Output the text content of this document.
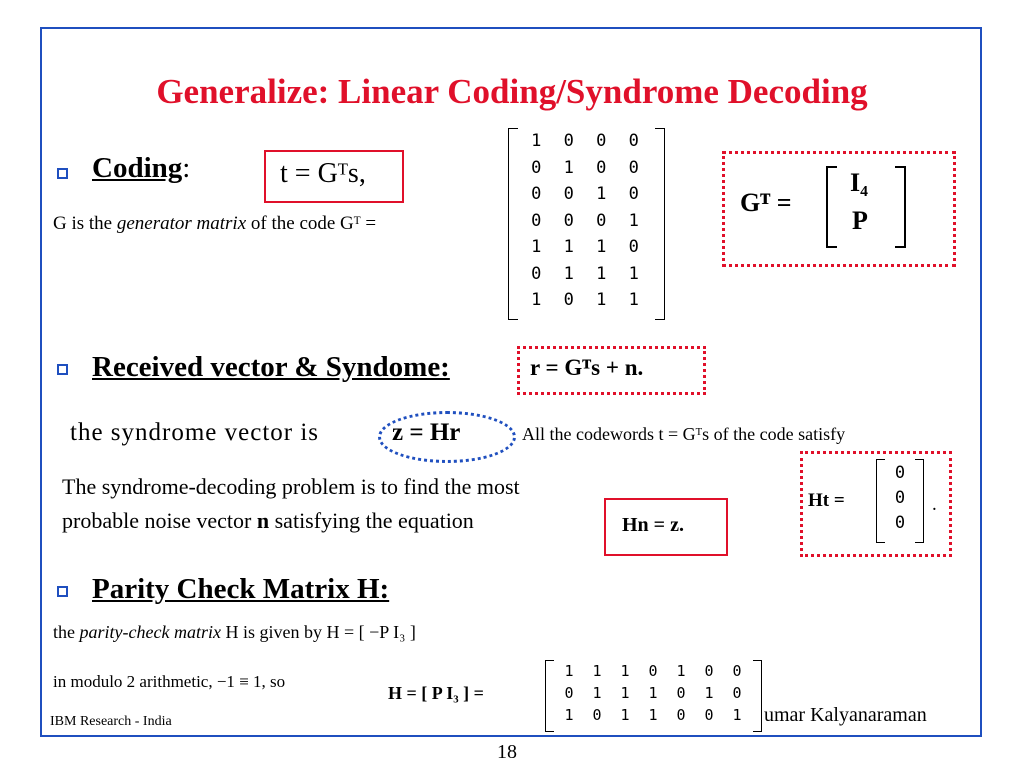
Generalize: Linear Coding/Syndrome Decoding
Coding:	t = Gᵀs,
G is the generator matrix of the code Gᵀ =
1	0	0	0
0	1	0	0
0	0	1	0
0	0	0	1
1	1	1	0
0	1	1	1
1	0	1	1
Gᵀ =
I₄
P
Received vector & Syndome:	r = Gᵀs + n.
the syndrome vector is	z = Hr	All the codewords t = Gᵀs of the code satisfy
The syndrome-decoding problem is to find the most
probable noise vector n satisfying the equation	Hn = z.
Ht =
0
0
0
.
Parity Check Matrix H:
the parity-check matrix H is given by H = [ −P I₃ ]
in modulo 2 arithmetic, −1 ≡ 1, so
H = [ P I₃ ] =
1	1	1	0	1	0	0
0	1	1	1	0	1	0
1	0	1	1	0	0	1
IBM Research - India	umar Kalyanaraman
18
